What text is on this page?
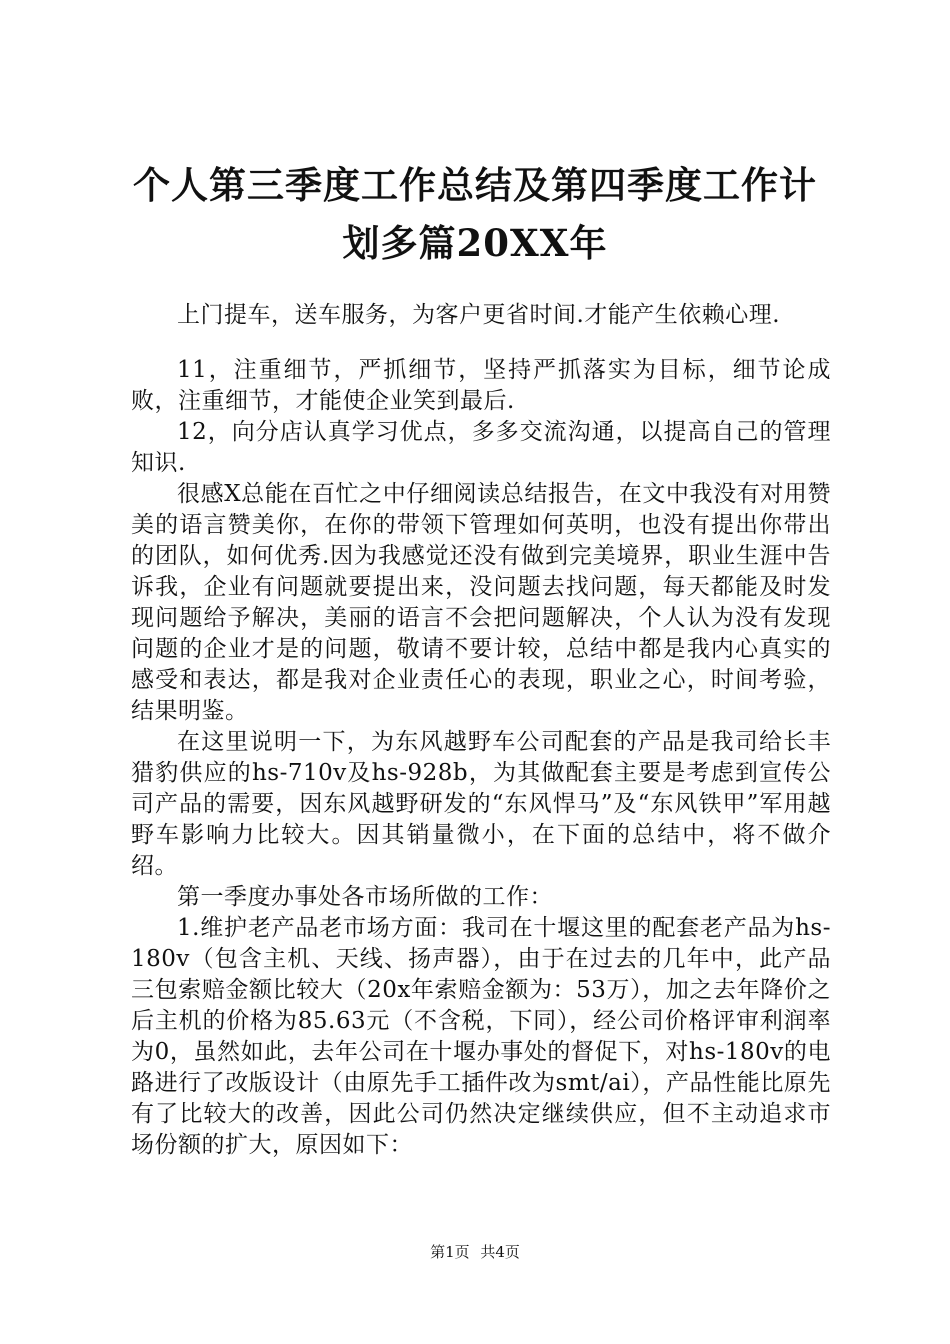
个人第三季度工作总结及第四季度工作计划多篇20XX年

上门提车，送车服务，为客户更省时间.才能产生依赖心理.

11，注重细节，严抓细节，坚持严抓落实为目标，细节论成败，注重细节，才能使企业笑到最后.

12，向分店认真学习优点，多多交流沟通，以提高自己的管理知识.

很感X总能在百忙之中仔细阅读总结报告，在文中我没有对用赞美的语言赞美你，在你的带领下管理如何英明，也没有提出你带出的团队，如何优秀.因为我感觉还没有做到完美境界，职业生涯中告诉我，企业有问题就要提出来，没问题去找问题，每天都能及时发现问题给予解决，美丽的语言不会把问题解决，个人认为没有发现问题的企业才是的问题，敬请不要计较，总结中都是我内心真实的感受和表达，都是我对企业责任心的表现，职业之心，时间考验，结果明鉴。

在这里说明一下，为东风越野车公司配套的产品是我司给长丰猎豹供应的hs-710v及hs-928b，为其做配套主要是考虑到宣传公司产品的需要，因东风越野研发的“东风悍马”及“东风铁甲”军用越野车影响力比较大。因其销量微小，在下面的总结中，将不做介绍。

第一季度办事处各市场所做的工作：

1.维护老产品老市场方面：我司在十堰这里的配套老产品为hs-180v（包含主机、天线、扬声器），由于在过去的几年中，此产品三包索赔金额比较大（20x年索赔金额为：53万），加之去年降价之后主机的价格为85.63元（不含税，下同），经公司价格评审利润率为0，虽然如此，去年公司在十堰办事处的督促下，对hs-180v的电路进行了改版设计（由原先手工插件改为smt/ai），产品性能比原先有了比较大的改善，因此公司仍然决定继续供应，但不主动追求市场份额的扩大，原因如下：

第1页 共4页
